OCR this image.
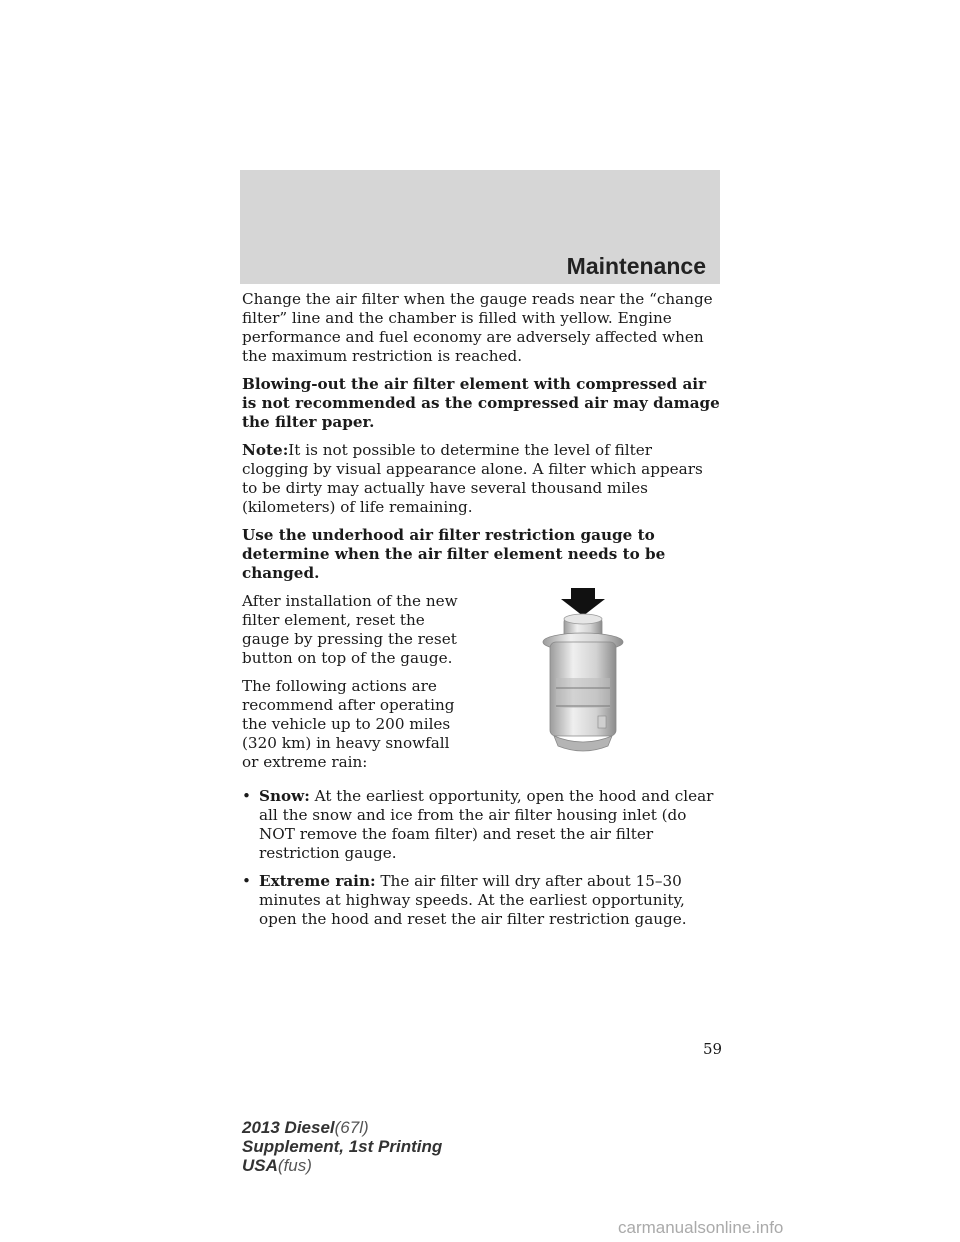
Maintenance

Change the air filter when the gauge reads near the “change filter” line and the chamber is filled with yellow. Engine performance and fuel economy are adversely affected when the maximum restriction is reached.

Blowing-out the air filter element with compressed air is not recommended as the compressed air may damage the filter paper.

Note:It is not possible to determine the level of filter clogging by visual appearance alone. A filter which appears to be dirty may actually have several thousand miles (kilometers) of life remaining.

Use the underhood air filter restriction gauge to determine when the air filter element needs to be changed.

After installation of the new filter element, reset the gauge by pressing the reset button on top of the gauge.

The following actions are recommend after operating the vehicle up to 200 miles (320 km) in heavy snowfall or extreme rain:

• Snow: At the earliest opportunity, open the hood and clear all the snow and ice from the air filter housing inlet (do NOT remove the foam filter) and reset the air filter restriction gauge.
• Extreme rain: The air filter will dry after about 15–30 minutes at highway speeds. At the earliest opportunity, open the hood and reset the air filter restriction gauge.
59
2013 Diesel(67l)
Supplement, 1st Printing
USA(fus)
carmanualsonline.info
